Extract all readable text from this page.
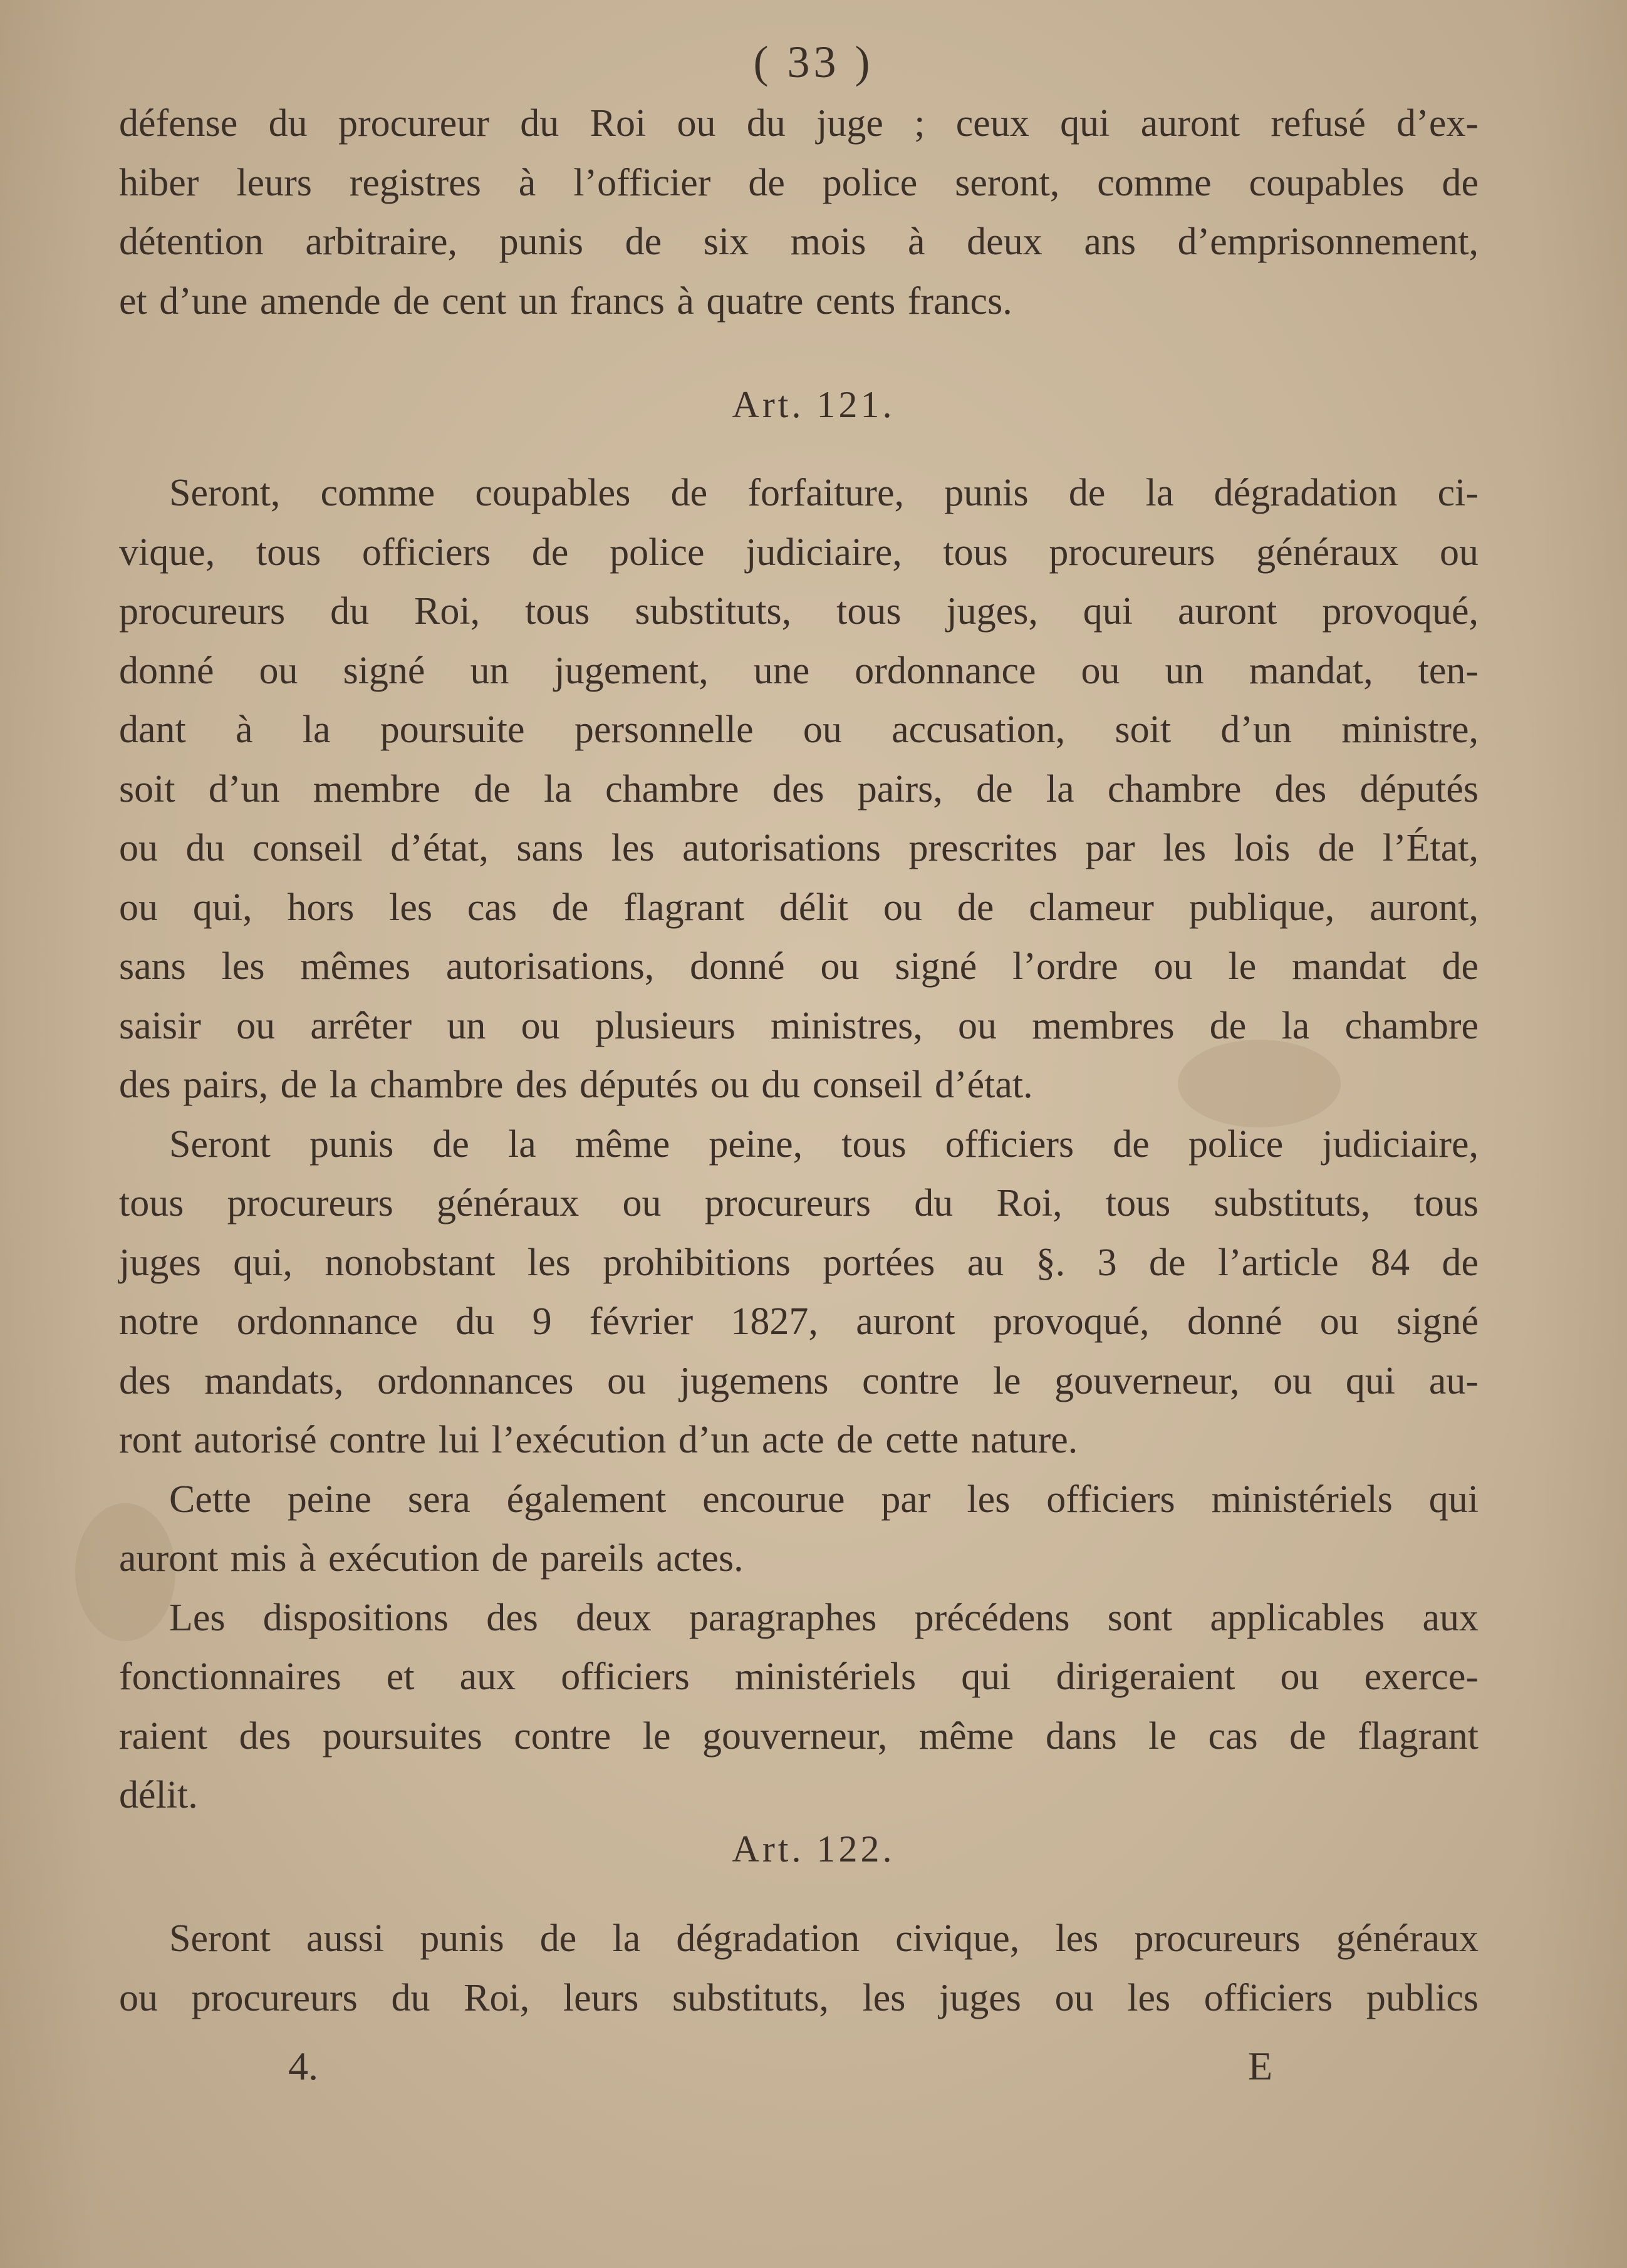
( 33 )
défense du procureur du Roi ou du juge ; ceux qui auront refusé d’ex-
hiber leurs registres à l’officier de police seront, comme coupables de
détention arbitraire, punis de six mois à deux ans d’emprisonnement,
et d’une amende de cent un francs à quatre cents francs.
Art. 121.
Seront, comme coupables de forfaiture, punis de la dégradation ci-
vique, tous officiers de police judiciaire, tous procureurs généraux ou
procureurs du Roi, tous substituts, tous juges, qui auront provoqué,
donné ou signé un jugement, une ordonnance ou un mandat, ten-
dant à la poursuite personnelle ou accusation, soit d’un ministre,
soit d’un membre de la chambre des pairs, de la chambre des députés
ou du conseil d’état, sans les autorisations prescrites par les lois de l’État,
ou qui, hors les cas de flagrant délit ou de clameur publique, auront,
sans les mêmes autorisations, donné ou signé l’ordre ou le mandat de
saisir ou arrêter un ou plusieurs ministres, ou membres de la chambre
des pairs, de la chambre des députés ou du conseil d’état.
Seront punis de la même peine, tous officiers de police judiciaire,
tous procureurs généraux ou procureurs du Roi, tous substituts, tous
juges qui, nonobstant les prohibitions portées au §. 3 de l’article 84 de
notre ordonnance du 9 février 1827, auront provoqué, donné ou signé
des mandats, ordonnances ou jugemens contre le gouverneur, ou qui au-
ront autorisé contre lui l’exécution d’un acte de cette nature.
Cette peine sera également encourue par les officiers ministériels qui
auront mis à exécution de pareils actes.
Les dispositions des deux paragraphes précédens sont applicables aux
fonctionnaires et aux officiers ministériels qui dirigeraient ou exerce-
raient des poursuites contre le gouverneur, même dans le cas de flagrant
délit.
Art. 122.
Seront aussi punis de la dégradation civique, les procureurs généraux
ou procureurs du Roi, leurs substituts, les juges ou les officiers publics
4.	E
